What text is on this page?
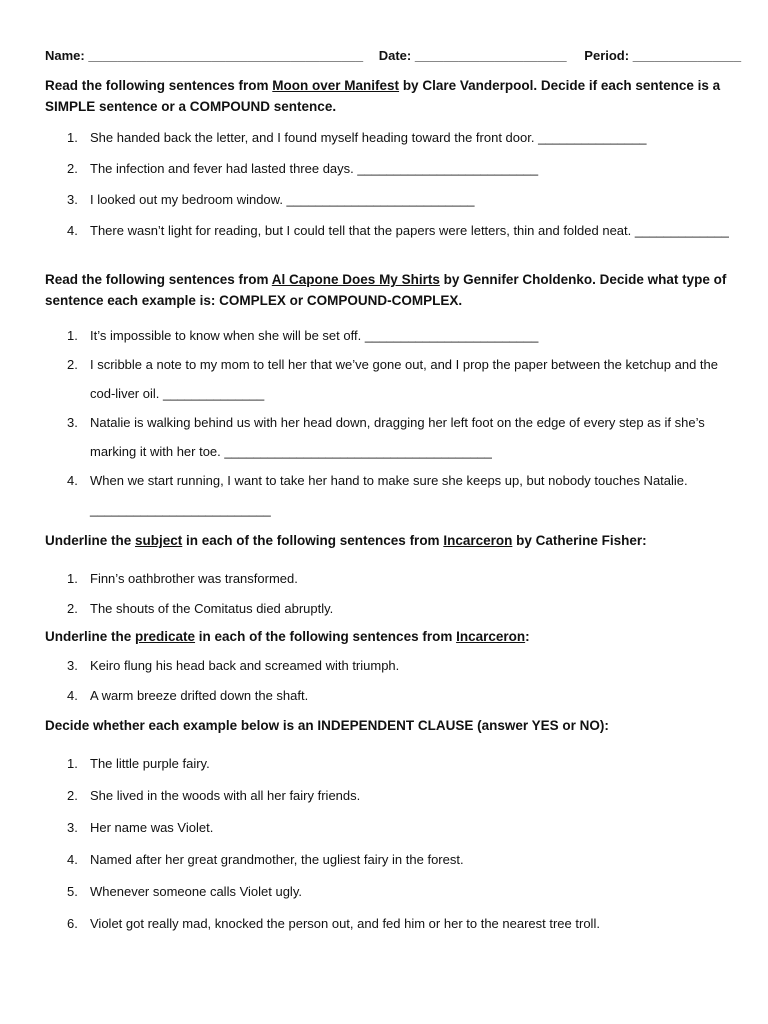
Name: ______________________________________ Date: _____________________ Period: _______________
Read the following sentences from Moon over Manifest by Clare Vanderpool. Decide if each sentence is a SIMPLE sentence or a COMPOUND sentence.
1. She handed back the letter, and I found myself heading toward the front door. _______________
2. The infection and fever had lasted three days. _________________________
3. I looked out my bedroom window. __________________________
4. There wasn’t light for reading, but I could tell that the papers were letters, thin and folded neat. _____________
Read the following sentences from Al Capone Does My Shirts by Gennifer Choldenko. Decide what type of sentence each example is: COMPLEX or COMPOUND-COMPLEX.
1. It’s impossible to know when she will be set off. ________________________
2. I scribble a note to my mom to tell her that we’ve gone out, and I prop the paper between the ketchup and the cod-liver oil. ______________
3. Natalie is walking behind us with her head down, dragging her left foot on the edge of every step as if she’s marking it with her toe. _____________________________________
4. When we start running, I want to take her hand to make sure she keeps up, but nobody touches Natalie. _________________________
Underline the subject in each of the following sentences from Incarceron by Catherine Fisher:
1. Finn’s oathbrother was transformed.
2. The shouts of the Comitatus died abruptly.
Underline the predicate in each of the following sentences from Incarceron:
3. Keiro flung his head back and screamed with triumph.
4. A warm breeze drifted down the shaft.
Decide whether each example below is an INDEPENDENT CLAUSE (answer YES or NO):
1. The little purple fairy.
2. She lived in the woods with all her fairy friends.
3. Her name was Violet.
4. Named after her great grandmother, the ugliest fairy in the forest.
5. Whenever someone calls Violet ugly.
6. Violet got really mad, knocked the person out, and fed him or her to the nearest tree troll.
